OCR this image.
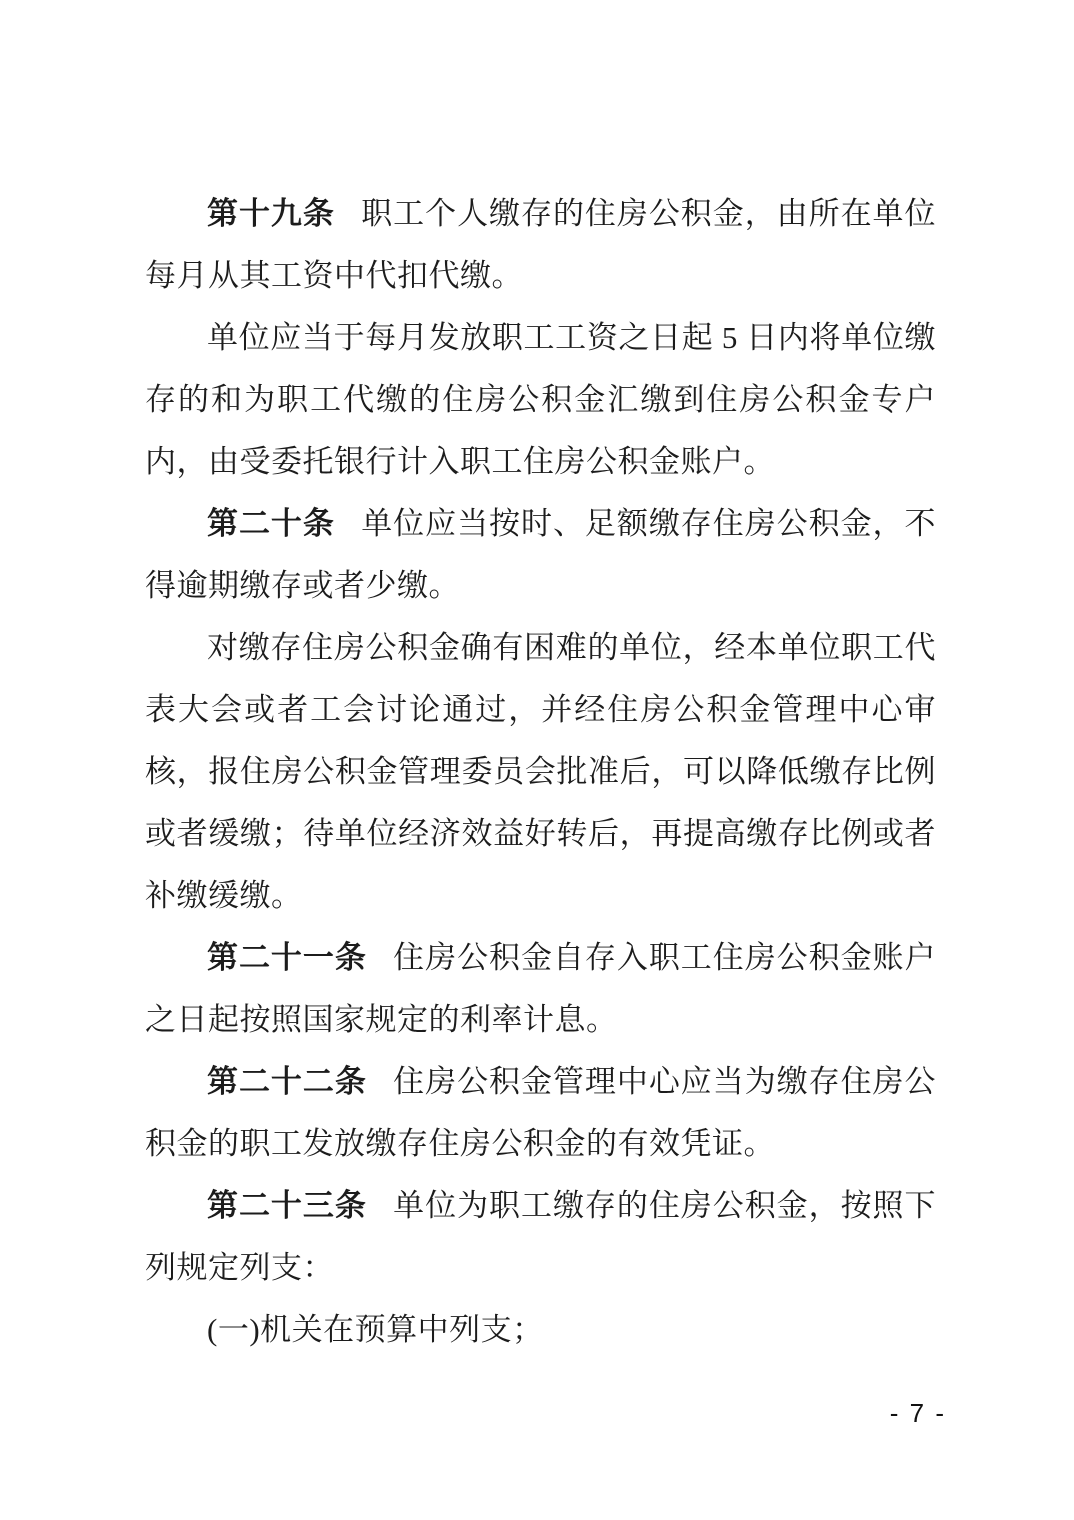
第十九条 职工个人缴存的住房公积金，由所在单位每月从其工资中代扣代缴。

单位应当于每月发放职工工资之日起 5 日内将单位缴存的和为职工代缴的住房公积金汇缴到住房公积金专户内，由受委托银行计入职工住房公积金账户。

第二十条 单位应当按时、足额缴存住房公积金，不得逾期缴存或者少缴。

对缴存住房公积金确有困难的单位，经本单位职工代表大会或者工会讨论通过，并经住房公积金管理中心审核，报住房公积金管理委员会批准后，可以降低缴存比例或者缓缴；待单位经济效益好转后，再提高缴存比例或者补缴缓缴。

第二十一条 住房公积金自存入职工住房公积金账户之日起按照国家规定的利率计息。

第二十二条 住房公积金管理中心应当为缴存住房公积金的职工发放缴存住房公积金的有效凭证。

第二十三条 单位为职工缴存的住房公积金，按照下列规定列支：

(一)机关在预算中列支；

- 7 -
